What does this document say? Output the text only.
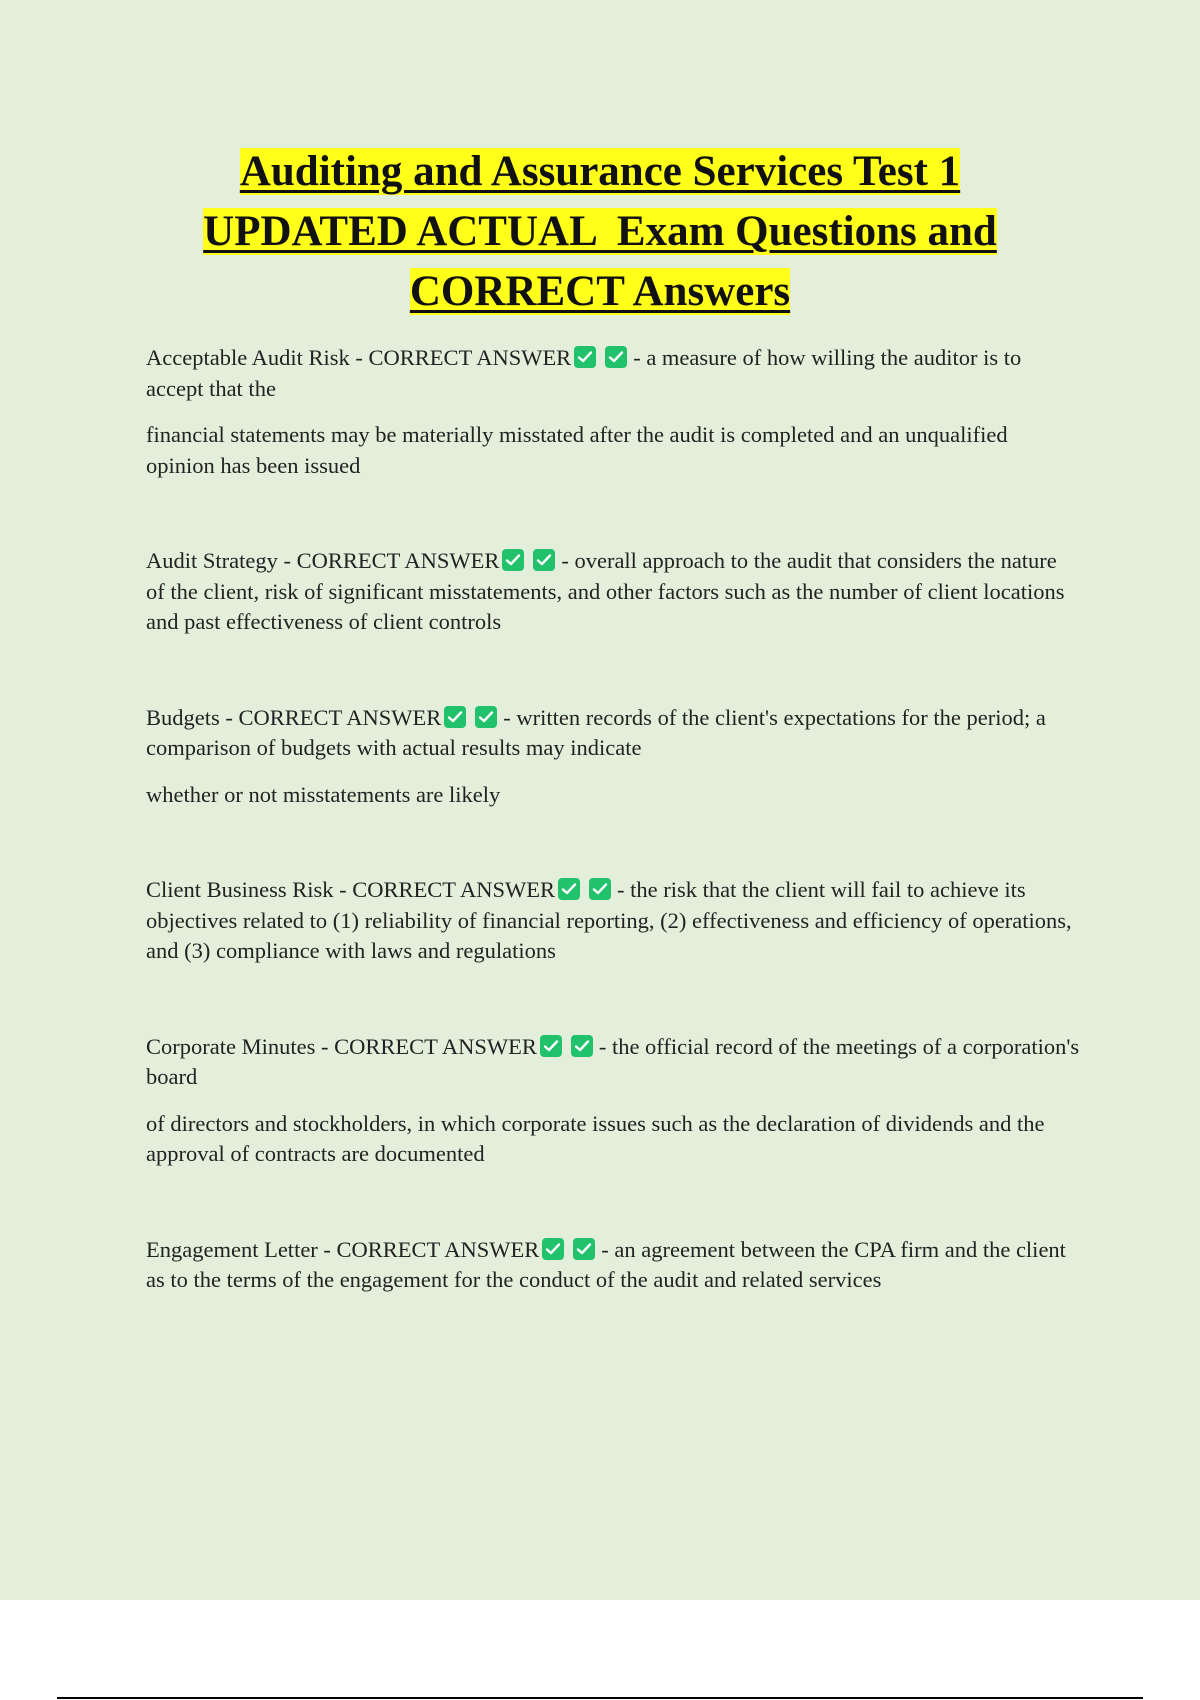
Auditing and Assurance Services Test 1
UPDATED ACTUAL  Exam Questions and
CORRECT Answers

Acceptable Audit Risk - CORRECT ANSWER	- a measure of how willing the auditor is to accept that the

financial statements may be materially misstated after the audit is completed and an unqualified opinion has been issued

Audit Strategy - CORRECT ANSWER	- overall approach to the audit that considers the nature of the client, risk of significant misstatements, and other factors such as the number of client locations and past effectiveness of client controls

Budgets - CORRECT ANSWER	- written records of the client's expectations for the period; a comparison of budgets with actual results may indicate

whether or not misstatements are likely

Client Business Risk - CORRECT ANSWER	- the risk that the client will fail to achieve its objectives related to (1) reliability of financial reporting, (2) effectiveness and efficiency of operations, and (3) compliance with laws and regulations

Corporate Minutes - CORRECT ANSWER	- the official record of the meetings of a corporation's board

of directors and stockholders, in which corporate issues such as the declaration of dividends and the approval of contracts are documented

Engagement Letter - CORRECT ANSWER	- an agreement between the CPA firm and the client as to the terms of the engagement for the conduct of the audit and related services
